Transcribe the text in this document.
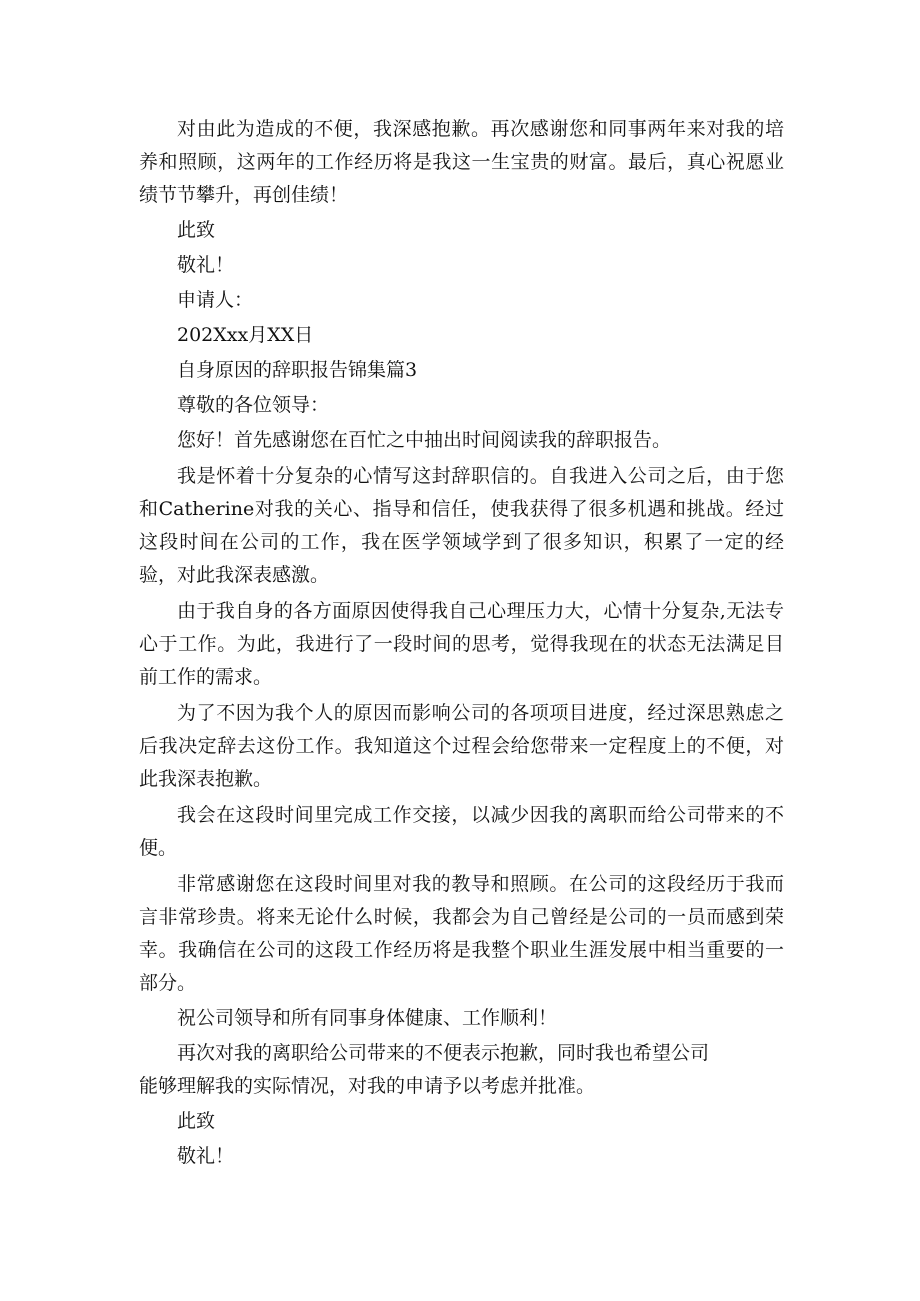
对由此为造成的不便，我深感抱歉。再次感谢您和同事两年来对我的培养和照顾，这两年的工作经历将是我这一生宝贵的财富。最后，真心祝愿业绩节节攀升，再创佳绩！

此致

敬礼！

申请人：

202Xxx月XX日

自身原因的辞职报告锦集篇3

尊敬的各位领导：

您好！首先感谢您在百忙之中抽出时间阅读我的辞职报告。

我是怀着十分复杂的心情写这封辞职信的。自我进入公司之后，由于您和Catherine对我的关心、指导和信任，使我获得了很多机遇和挑战。经过这段时间在公司的工作，我在医学领域学到了很多知识，积累了一定的经验，对此我深表感激。

由于我自身的各方面原因使得我自己心理压力大，心情十分复杂,无法专心于工作。为此，我进行了一段时间的思考，觉得我现在的状态无法满足目前工作的需求。

为了不因为我个人的原因而影响公司的各项项目进度，经过深思熟虑之后我决定辞去这份工作。我知道这个过程会给您带来一定程度上的不便，对此我深表抱歉。

我会在这段时间里完成工作交接，以减少因我的离职而给公司带来的不便。

非常感谢您在这段时间里对我的教导和照顾。在公司的这段经历于我而言非常珍贵。将来无论什么时候，我都会为自己曾经是公司的一员而感到荣幸。我确信在公司的这段工作经历将是我整个职业生涯发展中相当重要的一部分。

祝公司领导和所有同事身体健康、工作顺利！

再次对我的离职给公司带来的不便表示抱歉，同时我也希望公司

能够理解我的实际情况，对我的申请予以考虑并批准。

此致

敬礼！
